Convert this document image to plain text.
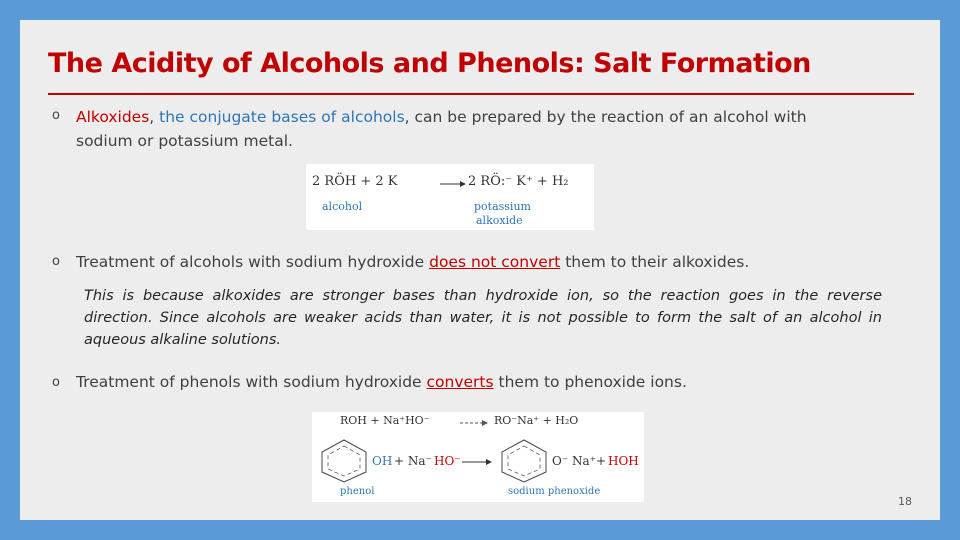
The Acidity of Alcohols and Phenols: Salt Formation
o Alkoxides, the conjugate bases of alcohols, can be prepared by the reaction of an alcohol with
sodium or potassium metal.
2 RÖH + 2 K	→ 2 RÖ:⁻ K⁺ + H₂
alcohol	potassium
alkoxide
o Treatment of alcohols with sodium hydroxide does not convert them to their alkoxides.
This is because alkoxides are stronger bases than hydroxide ion, so the reaction goes in the reverse direction. Since alcohols are weaker acids than water, it is not possible to form the salt of an alcohol in aqueous alkaline solutions.
o Treatment of phenols with sodium hydroxide converts them to phenoxide ions.
ROH + Na⁺HO⁻ → RO⁻Na⁺ + H₂O
OH + Na⁻ HO⁻ →	O⁻ Na⁺ + HOH
phenol	sodium phenoxide
18
